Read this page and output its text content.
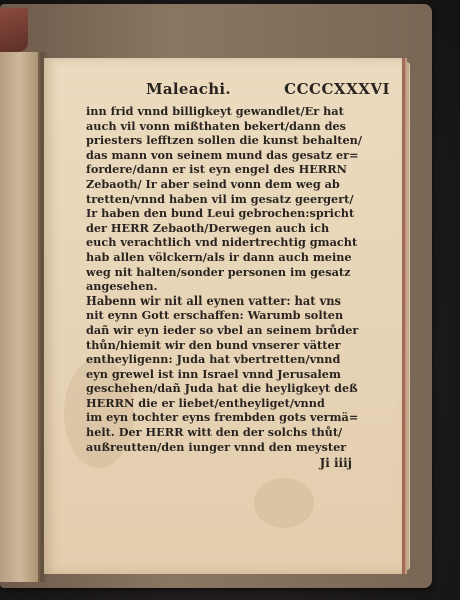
Maleachi.	CCCCXXXVI
inn frid vnnd billigkeyt gewandlet/Er hat
auch vil vonn mißthaten bekert/dann des
priesters lefftzen sollen die kunst behalten/
das mann von seinem mund das gesatz er=
fordere/dann er ist eyn engel des HERRN
Zebaoth/ Ir aber seind vonn dem weg ab
tretten/vnnd haben vil im gesatz geergert/
Ir haben den bund Leui gebrochen:spricht
der HERR Zebaoth/Derwegen auch ich
euch verachtlich vnd nidertrechtig gmacht
hab allen völckern/als ir dann auch meine
weg nit halten/sonder personen im gesatz
angesehen.
Habenn wir nit all eynen vatter: hat vns
nit eynn Gott erschaffen: Warumb solten
dañ wir eyn ieder so vbel an seinem brůder
thůn/hiemit wir den bund vnserer vätter
entheyligenn: Juda hat vbertretten/vnnd
eyn grewel ist inn Israel vnnd Jerusalem
geschehen/dañ Juda hat die heyligkeyt deß
HERRN die er liebet/entheyliget/vnnd
im eyn tochter eyns frembden gots vermä=
helt. Der HERR witt den der solchs thůt/
außreutten/den iunger vnnd den meyster
Ji iiij
